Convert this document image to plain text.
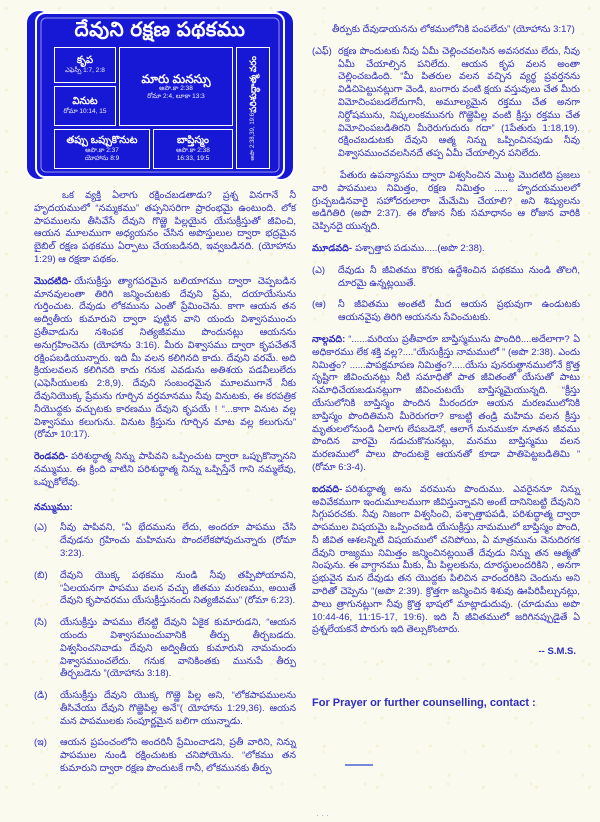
దేవుని రక్షణ పథకము
కృప
ఎఫెస్సీ 1:7, 2:8
వినుట
రోమా 10:14, 15
మారు మనస్సు
అపొ.కా 2:38
రోమా 2:4, లూకా 13:3
తప్పు ఒప్పుకొనుట
అపొ.కా 2:37
యోహాను 8:9
బాప్తిస్మం
అపొ.కా 2:38
16:33, 19:5
పరిశుద్ధాత్మ వరం
అపొ 2:38,39, 19:6

ఒక వ్యక్తి ఏలాగు రక్షించబడతాడు? ప్రశ్న వినగానే నీ హృదయములో “నమ్మకము” తప్పనిసరిగా ప్రారంభమై ఉంటుంది. లోక పాపములను తీసివేసే దేవుని గొఱ్ఱె పిల్లయైన యేసుక్రీస్తుతో జీవించి, ఆయన మూలముగా అధ్యయనం చేసిన అపొస్తులుల ద్వారా భద్రమైన బైబిల్ రక్షణ పథకము ఏర్పాటు చేయబడినది, ఇవ్వబడినది. (యోహాను 1:29) ఆ రక్షణా పథకం.

మొదటిది- యేసుక్రీస్తు త్యాగపరమైన బలియాగము ద్వారా చెప్పబడిన మానవులంతా తిరిగి జన్మించుటకు దేవుని ప్రేమ, దయాయేసును గుర్తించుట. దేవుడు లోకమును ఎంతో ప్రేమించెను. కాగా ఆయన తన అద్వితీయ కుమారుని ద్వారా పుట్టిన వాని యందు విశ్వాసముంచు ప్రతీవాడును నశింపక నిత్యజీవము పొందునట్లు ఆయనను అనుగ్రహించెను (యోహాను 3:16). మీరు విశ్వాసము ద్వారా కృపచేతనే రక్షింపబడియున్నారు. ఇది మీ వలన కలిగినది కాదు. దేవుని వరమే. అది క్రియలవలన కలిగినది కాదు గనుక ఎవడును అతిశయ పడవీలులేదు (ఎఫెసీయులకు 2:8,9). దేవుని సంబంధమైన మూలముగానే నీకు దేవునియొక్క ప్రేమను గూర్చిన వర్తమానము నీవు వినుటకు, ఈ కరపత్రిక నీయొద్దకు వచ్చుటకు కారణము దేవుని కృపయే ! “...కాగా వినుట వల్ల విశ్వాసము కలుగును. వినుట క్రీస్తును గూర్చిన మాట వల్ల కలుగును” (రోమా 10:17).

రెండవది- పరిశుద్ధాత్మ నిన్ను పాపివని ఒప్పించుట ద్వారా ఒప్పుకొన్నానని నమ్ముము. ఈ క్రింది వాటిని పరిశుద్ధాత్మ నిన్ను ఒప్పిస్తేనే గాని నమ్మలేవు, ఒప్పుకోలేవు.

నమ్ముము:

(ఎ) నీవు పాపివని, “ఏ భేదమును లేదు, అందరూ పాపము చేసి దేవుడను గ్రహించు మహిమను పొందలేకపోవుచున్నారు (రోమా 3:23).

(బి) దేవుని యొక్క పథకము నుండి నీవు తప్పిపోయావని, “ఏలయనగా పాపము వలన వచ్చు జీతము మరణము, అయితే దేవుని కృపావరము యేసుక్రీస్తునందు నిత్యజీవము” (రోమా 6:23).

(సి) యేసుక్రీస్తు పాపము లేనట్టి దేవుని ఏకైక కుమారుడని, “ఆయన యందు విశ్వాసముంచువానికి తీర్పు తీర్చబడదు. విశ్వసించనివాడు దేవుని అద్వితీయ కుమారుని నామమందు విశ్వాసముంచలేదు. గనుక వానికింతకు మునుపే తీర్పు తీర్చబడెను ”(యోహాను 3:18).

(డి) యేసుక్రీస్తు దేవుని యొక్క గొఱ్ఱె పిల్ల అని, “లోకపాపములను తీసివేయు దేవుని గొఱ్ఱెపిల్ల అనే”( యోహాను 1:29,36). ఆయన మన పాపములకు సంపూర్ణమైన బలిగా యున్నాడు.

(ఇ) ఆయన ప్రపంచంలోని అందరినీ ప్రేమించాడని, ప్రతీ వారిని, నిన్ను పాపముల నుండి రక్షించుటకు చనిపోయెను. “లోకము తన కుమారుని ద్వారా రక్షణ పొందుటకే గానీ, లోకమునకు తీర్పు

తీర్పుకు దేవుడాయనను లోకములోనికి పంపలేదు” (యోహాను 3:17)

(ఎఫ్) రక్షణ పొందుటకు నీవు ఏమీ చెల్లించవలసిన అవసరము లేదు, నీవు ఏమీ చేయాల్సిన పనిలేదు. ఆయన కృప వలన అంతా చెల్లించబడింది. “మీ పితరుల వలన వచ్చిన వ్యర్థ ప్రవర్తనను విడిచిపెట్టునట్లుగా వెండి, బంగారు వంటి క్షయ వస్తువులు చేత మీరు విమోచింపబడలేదుగానీ, అమూల్యమైన రక్తము చేత అనగా నిర్దోషమును, నిష్కలంకమునగు గొఱ్ఱెపిల్ల వంటి క్రీస్తు రక్తము చేత విమోచింపబడితిరని మీరెరుగుదురు గదా” (1పేతురు 1:18,19). రక్షించబడుటకు దేవుని ఆత్మ నిన్ను ఒప్పించినపుడు నీవు విశ్వాసముంచవలసినదే తప్ప ఏమీ చేయాల్సిన పనిలేదు.

పేతురు ఉపన్యాసము ద్వారా విశ్వసించిన మొట్ట మొదటిది ప్రజలు వారి పాపములు నిమిత్తం, రక్షణ నిమిత్తం ..... హృదయములలో గ్రుచ్చబడినవారై సహోదరులారా మేమేమి చేయాలి? అని శిష్యులను అడిగితిరి (అపొ 2:37). ఈ రోజున నీకు సమాధానం ఆ రోజున వారికి చెప్పినదై యున్నది.

మూడవది- పశ్చాత్తాప పడుము.....(అపొ 2:38).

(ఎ) దేవుడు నీ జీవితము కొరకు ఉద్దేశించిన పథకము నుండి తొలగి, దూరమై ఉన్నట్లయితే.

(ఆ) నీ జీవితము అంతటి మీద ఆయన ప్రభువుగా ఉండుటకు ఆయనవైపు తిరిగి ఆయనను సేవించుటకు.

నాల్గవది: “......మరియు ప్రతీవారూ బాప్తిస్మమును పొందిరి....అదేలాగా? ఏ అధికారము లేక శక్తి వల్ల?....“యేసుక్రీస్తు నామములో ” (అపొ 2:38). ఎందు నిమిత్తం? ......పాపక్షమాపణ నిమిత్తం?.....యేసు పునరుత్థానములోనే క్రొత్త సృష్టిగా జీవించునట్లు నీటి సమాధితో పాత జీవితంతో యేసుతో పాటు సమాధిచేయబడునట్లుగా జీవించుటయే బాప్తిస్మమైయున్నది. “క్రీస్తు యేసులోనికి బాప్తిస్మం పొందిన మీరందరూ ఆయన మరణములోనికి బాప్తిస్మం పొందితిమని మీరెరుగరా? కాబట్టి తండ్రి మహిమ వలన క్రీస్తు మృతులలోనుండి ఏలాగు లేపబడెనో, ఆలాగే మనముకూ నూతన జీవము పొందిన వారమై నడుచుకొనునట్లు, మనము బాప్తిస్మము వలన మరణములో పాలు పొందుటకై ఆయనతో కూడా పాతిపెట్టబడితిమి ” (రోమా 6:3-4).

ఐదవది- పరిశుద్ధాత్మ అను వరమును పొందుము. ఎవరైననూ నిన్ను అవివేకముగా ఇందుమూలముగా జీవిస్తున్నావని అంటే దానినిబట్టి దేవునిని సిగ్గుపరచకు. నీవు నిజంగా విశ్వసించి, పశ్చాత్తాపపడి, పరిశుద్ధాత్మ ద్వారా పాపముల విషయమై ఒప్పించబడి యేసుక్రీస్తు నామములో బాప్తిస్మం పొంది, నీ జీవిత ఆశలన్నిటి విషయములో చనిపోయి, ఏ మాత్రమును వెనుదిరగక దేవుని రాజ్యము నిమిత్తం జన్మించినట్లయితే దేవుడు నిన్ను తన ఆత్మతో నింపును. ఈ వాగ్దానము మీకు, మీ పిల్లలకును, దూరస్థులందరికిని , అనగా ప్రభువైన మన దేవుడు తన యొద్దకు పిలిచిన వారందరికిని చెందును అని వారితో చెప్పెను “(అపొ 2:39). క్రొత్తగా జన్మించిన శిశువు ఊపిరిపీల్చునట్లు, పాలు త్రాగునట్లుగా నీవు క్రొత్త భాషలో మాట్లాడుదువు. (చూడుము అపొ 10:44-46, 11:15-17, 19:6). ఇది నీ జీవితములో జరిగినప్పుడైతే ఏ ప్రశ్నలేయకనే పొరుగు ఇది తెల్సుకొంటారు.

-- S.M.S.

For Prayer or further counselling, contact :

···
